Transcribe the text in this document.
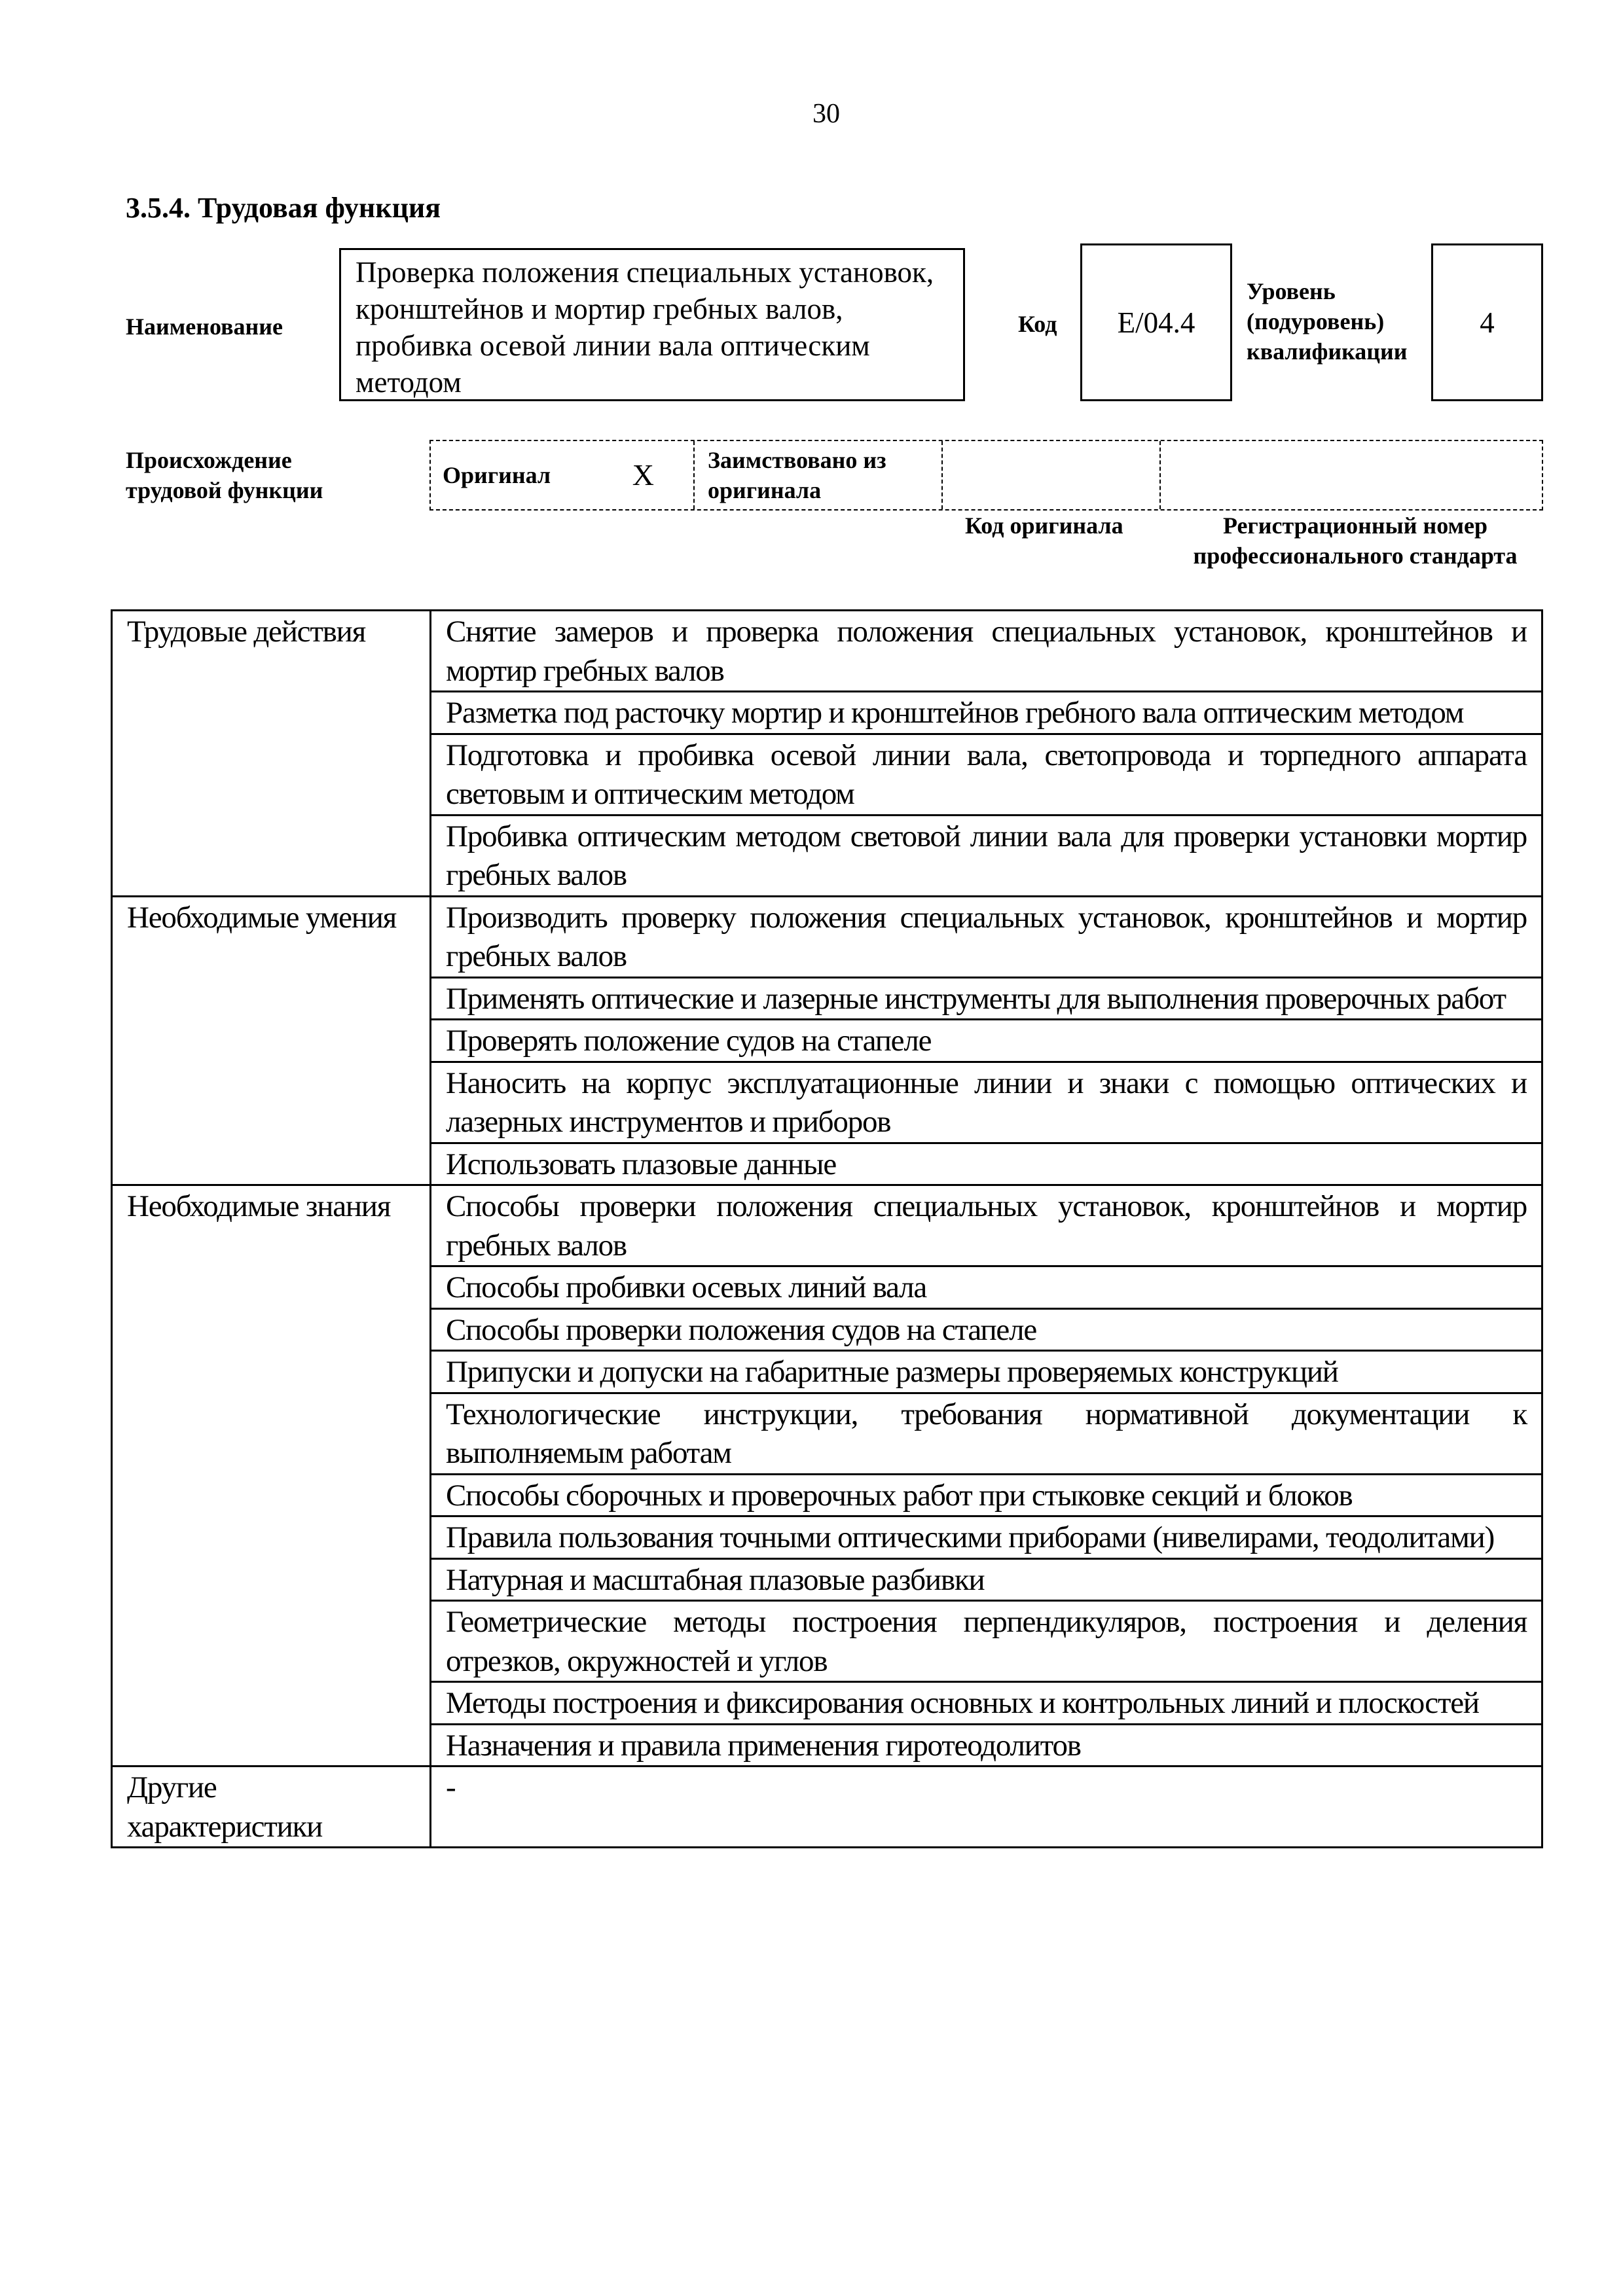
30
3.5.4. Трудовая функция
Наименование
Проверка положения специальных установок, кронштейнов и мортир гребных валов, пробивка осевой линии вала оптическим методом
Код	E/04.4
Уровень (подуровень) квалификации
4
Происхождение трудовой функции
Оригинал	X	Заимствовано из оригинала
Код оригинала	Регистрационный номер профессионального стандарта
Трудовые действия	Снятие замеров и проверка положения специальных установок, кронштейнов и мортир гребных валов
	Разметка под расточку мортир и кронштейнов гребного вала оптическим методом
	Подготовка и пробивка осевой линии вала, светопровода и торпедного аппарата световым и оптическим методом
	Пробивка оптическим методом световой линии вала для проверки установки мортир гребных валов
Необходимые умения	Производить проверку положения специальных установок, кронштейнов и мортир гребных валов
	Применять оптические и лазерные инструменты для выполнения проверочных работ
	Проверять положение судов на стапеле
	Наносить на корпус эксплуатационные линии и знаки с помощью оптических и лазерных инструментов и приборов
	Использовать плазовые данные
Необходимые знания	Способы проверки положения специальных установок, кронштейнов и мортир гребных валов
	Способы пробивки осевых линий вала
	Способы проверки положения судов на стапеле
	Припуски и допуски на габаритные размеры проверяемых конструкций
	Технологические инструкции, требования нормативной документации к выполняемым работам
	Способы сборочных и проверочных работ при стыковке секций и блоков
	Правила пользования точными оптическими приборами (нивелирами, теодолитами)
	Натурная и масштабная плазовые разбивки
	Геометрические методы построения перпендикуляров, построения и деления отрезков, окружностей и углов
	Методы построения и фиксирования основных и контрольных линий и плоскостей
	Назначения и правила применения гиротеодолитов
Другие характеристики	-
